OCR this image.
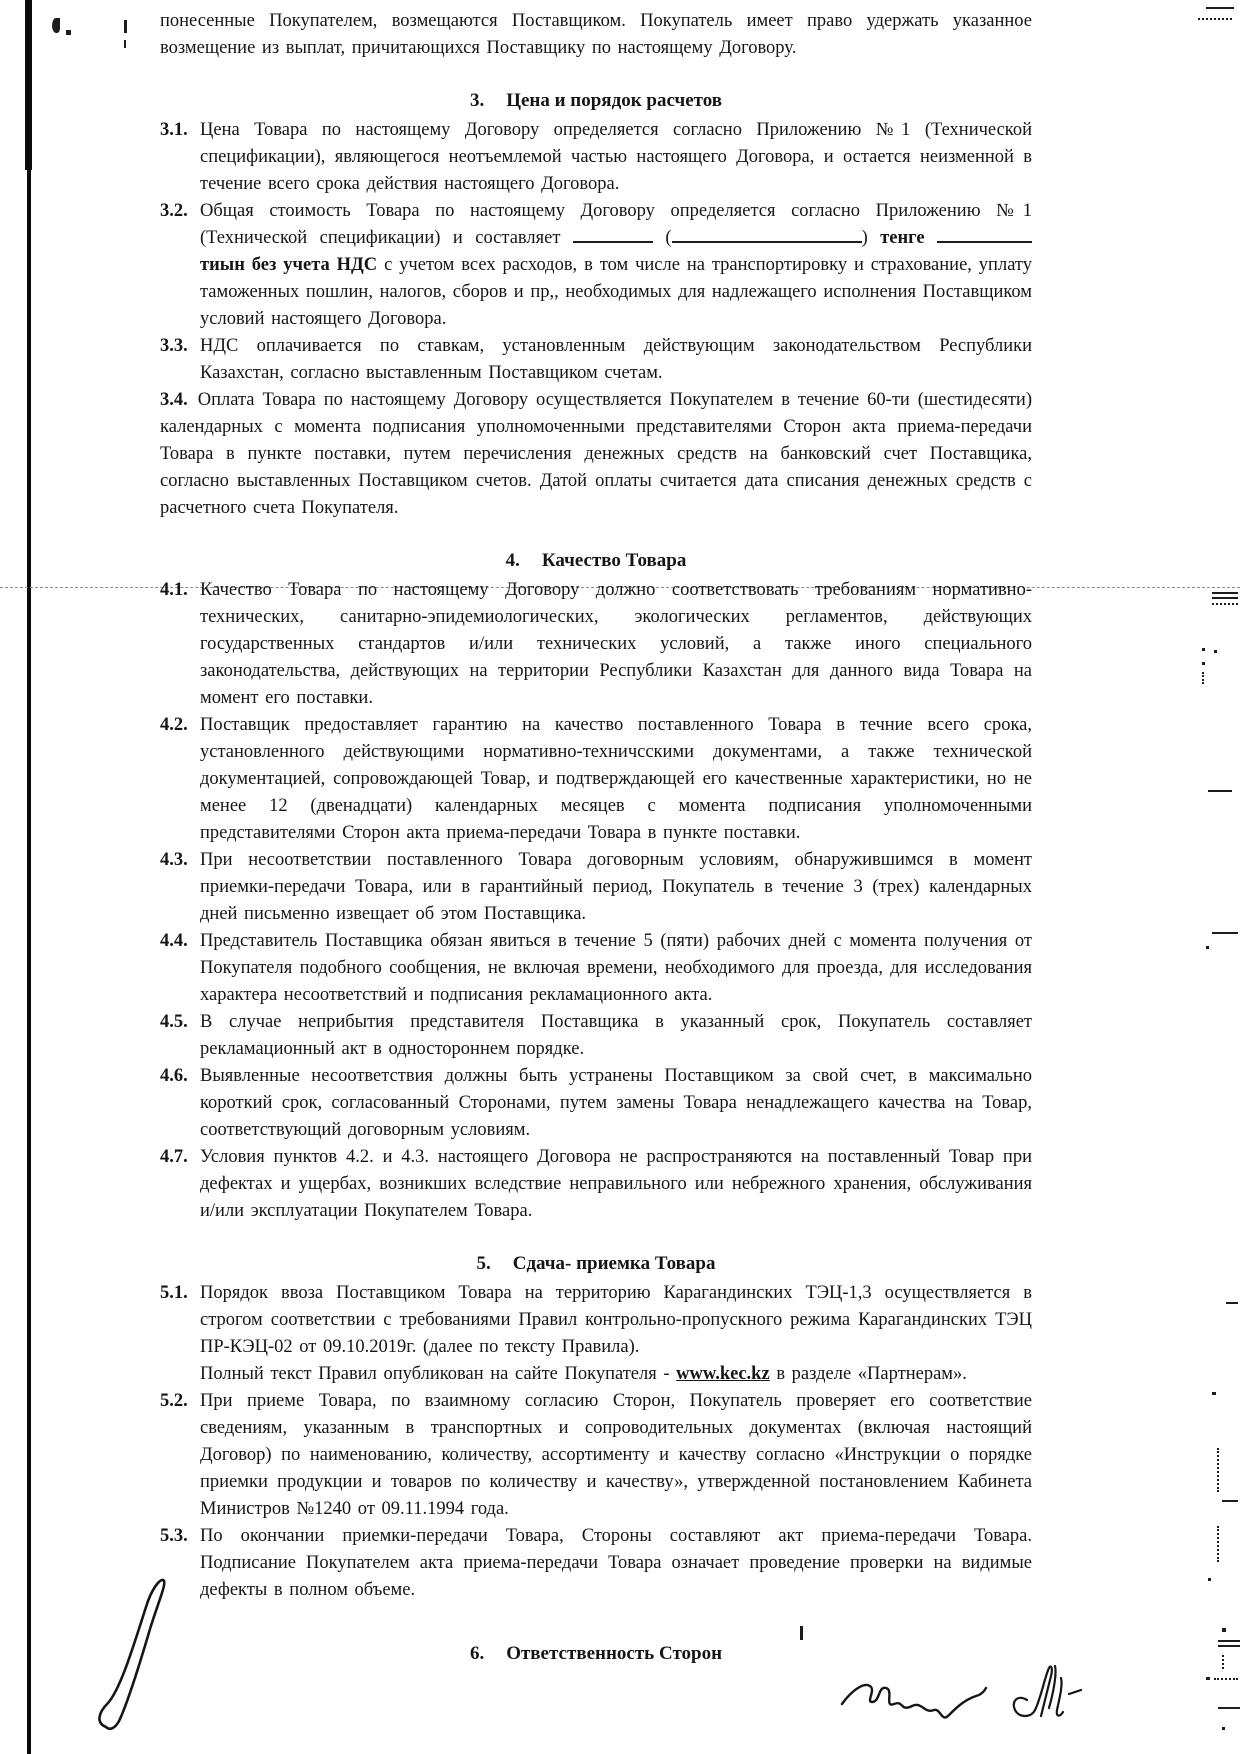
понесенные Покупателем, возмещаются Поставщиком. Покупатель имеет право удержать указанное возмещение из выплат, причитающихся Поставщику по настоящему Договору.

3. Цена и порядок расчетов

3.1. Цена Товара по настоящему Договору определяется согласно Приложению №1 (Технической спецификации), являющегося неотъемлемой частью настоящего Договора, и остается неизменной в течение всего срока действия настоящего Договора.

3.2. Общая стоимость Товара по настоящему Договору определяется согласно Приложению №1 (Технической спецификации) и составляет	(	) тенге  тиын без учета НДС с учетом всех расходов, в том числе на транспортировку и страхование, уплату таможенных пошлин, налогов, сборов и пр,, необходимых для надлежащего исполнения Поставщиком условий настоящего Договора.

3.3. НДС оплачивается по ставкам, установленным действующим законодательством Республики Казахстан, согласно выставленным Поставщиком счетам.

3.4. Оплата Товара по настоящему Договору осуществляется Покупателем в течение 60-ти (шестидесяти) календарных с момента подписания уполномоченными представителями Сторон акта приема-передачи Товара в пункте поставки, путем перечисления денежных средств на банковский счет Поставщика, согласно выставленных Поставщиком счетов. Датой оплаты считается дата списания денежных средств с расчетного счета Покупателя.

4. Качество Товара

4.1. Качество Товара по настоящему Договору должно соответствовать требованиям нормативно-технических, санитарно-эпидемиологических, экологических регламентов, действующих государственных стандартов и/или технических условий, а также иного специального законодательства, действующих на территории Республики Казахстан для данного вида Товара на момент его поставки.

4.2. Поставщик предоставляет гарантию на качество поставленного Товара в течние всего срока, установленного действующими нормативно-техничсскими документами, а также технической документацией, сопровождающей Товар, и подтверждающей его качественные характеристики, но не менее 12 (двенадцати) календарных месяцев с момента подписания уполномоченными представителями Сторон акта приема-передачи Товара в пункте поставки.

4.3. При несоответствии поставленного Товара договорным условиям, обнаружившимся в момент приемки-передачи Товара, или в гарантийный период, Покупатель в течение 3 (трех) календарных дней письменно извещает об этом Поставщика.

4.4. Представитель Поставщика обязан явиться в течение 5 (пяти) рабочих дней с момента получения от Покупателя подобного сообщения, не включая времени, необходимого для проезда, для исследования характера несоответствий и подписания рекламационного акта.

4.5. В случае неприбытия представителя Поставщика в указанный срок, Покупатель составляет рекламационный акт в одностороннем порядке.

4.6. Выявленные несоответствия должны быть устранены Поставщиком за свой счет, в максимально короткий срок, согласованный Сторонами, путем замены Товара ненадлежащего качества на Товар, соответствующий договорным условиям.

4.7. Условия пунктов 4.2. и 4.3. настоящего Договора не распространяются на поставленный Товар при дефектах и ущербах, возникших вследствие неправильного или небрежного хранения, обслуживания и/или эксплуатации Покупателем Товара.

5. Сдача- приемка Товара

5.1. Порядок ввоза Поставщиком Товара на территорию Карагандинских ТЭЦ-1,3 осуществляется в строгом соответствии с требованиями Правил контрольно-пропускного режима Карагандинских ТЭЦ ПР-КЭЦ-02 от 09.10.2019г. (далее по тексту Правила).

Полный текст Правил опубликован на сайте Покупателя - www.kec.kz в разделе «Партнерам».

5.2. При приеме Товара, по взаимному согласию Сторон, Покупатель проверяет его соответствие сведениям, указанным в транспортных и сопроводительных документах (включая настоящий Договор) по наименованию, количеству, ассортименту и качеству согласно «Инструкции о порядке приемки продукции и товаров по количеству и качеству», утвержденной постановлением Кабинета Министров №1240 от 09.11.1994 года.

5.3. По окончании приемки-передачи Товара, Стороны составляют акт приема-передачи Товара. Подписание Покупателем акта приема-передачи Товара означает проведение проверки на видимые дефекты в полном объеме.

6. Ответственность Сторон
